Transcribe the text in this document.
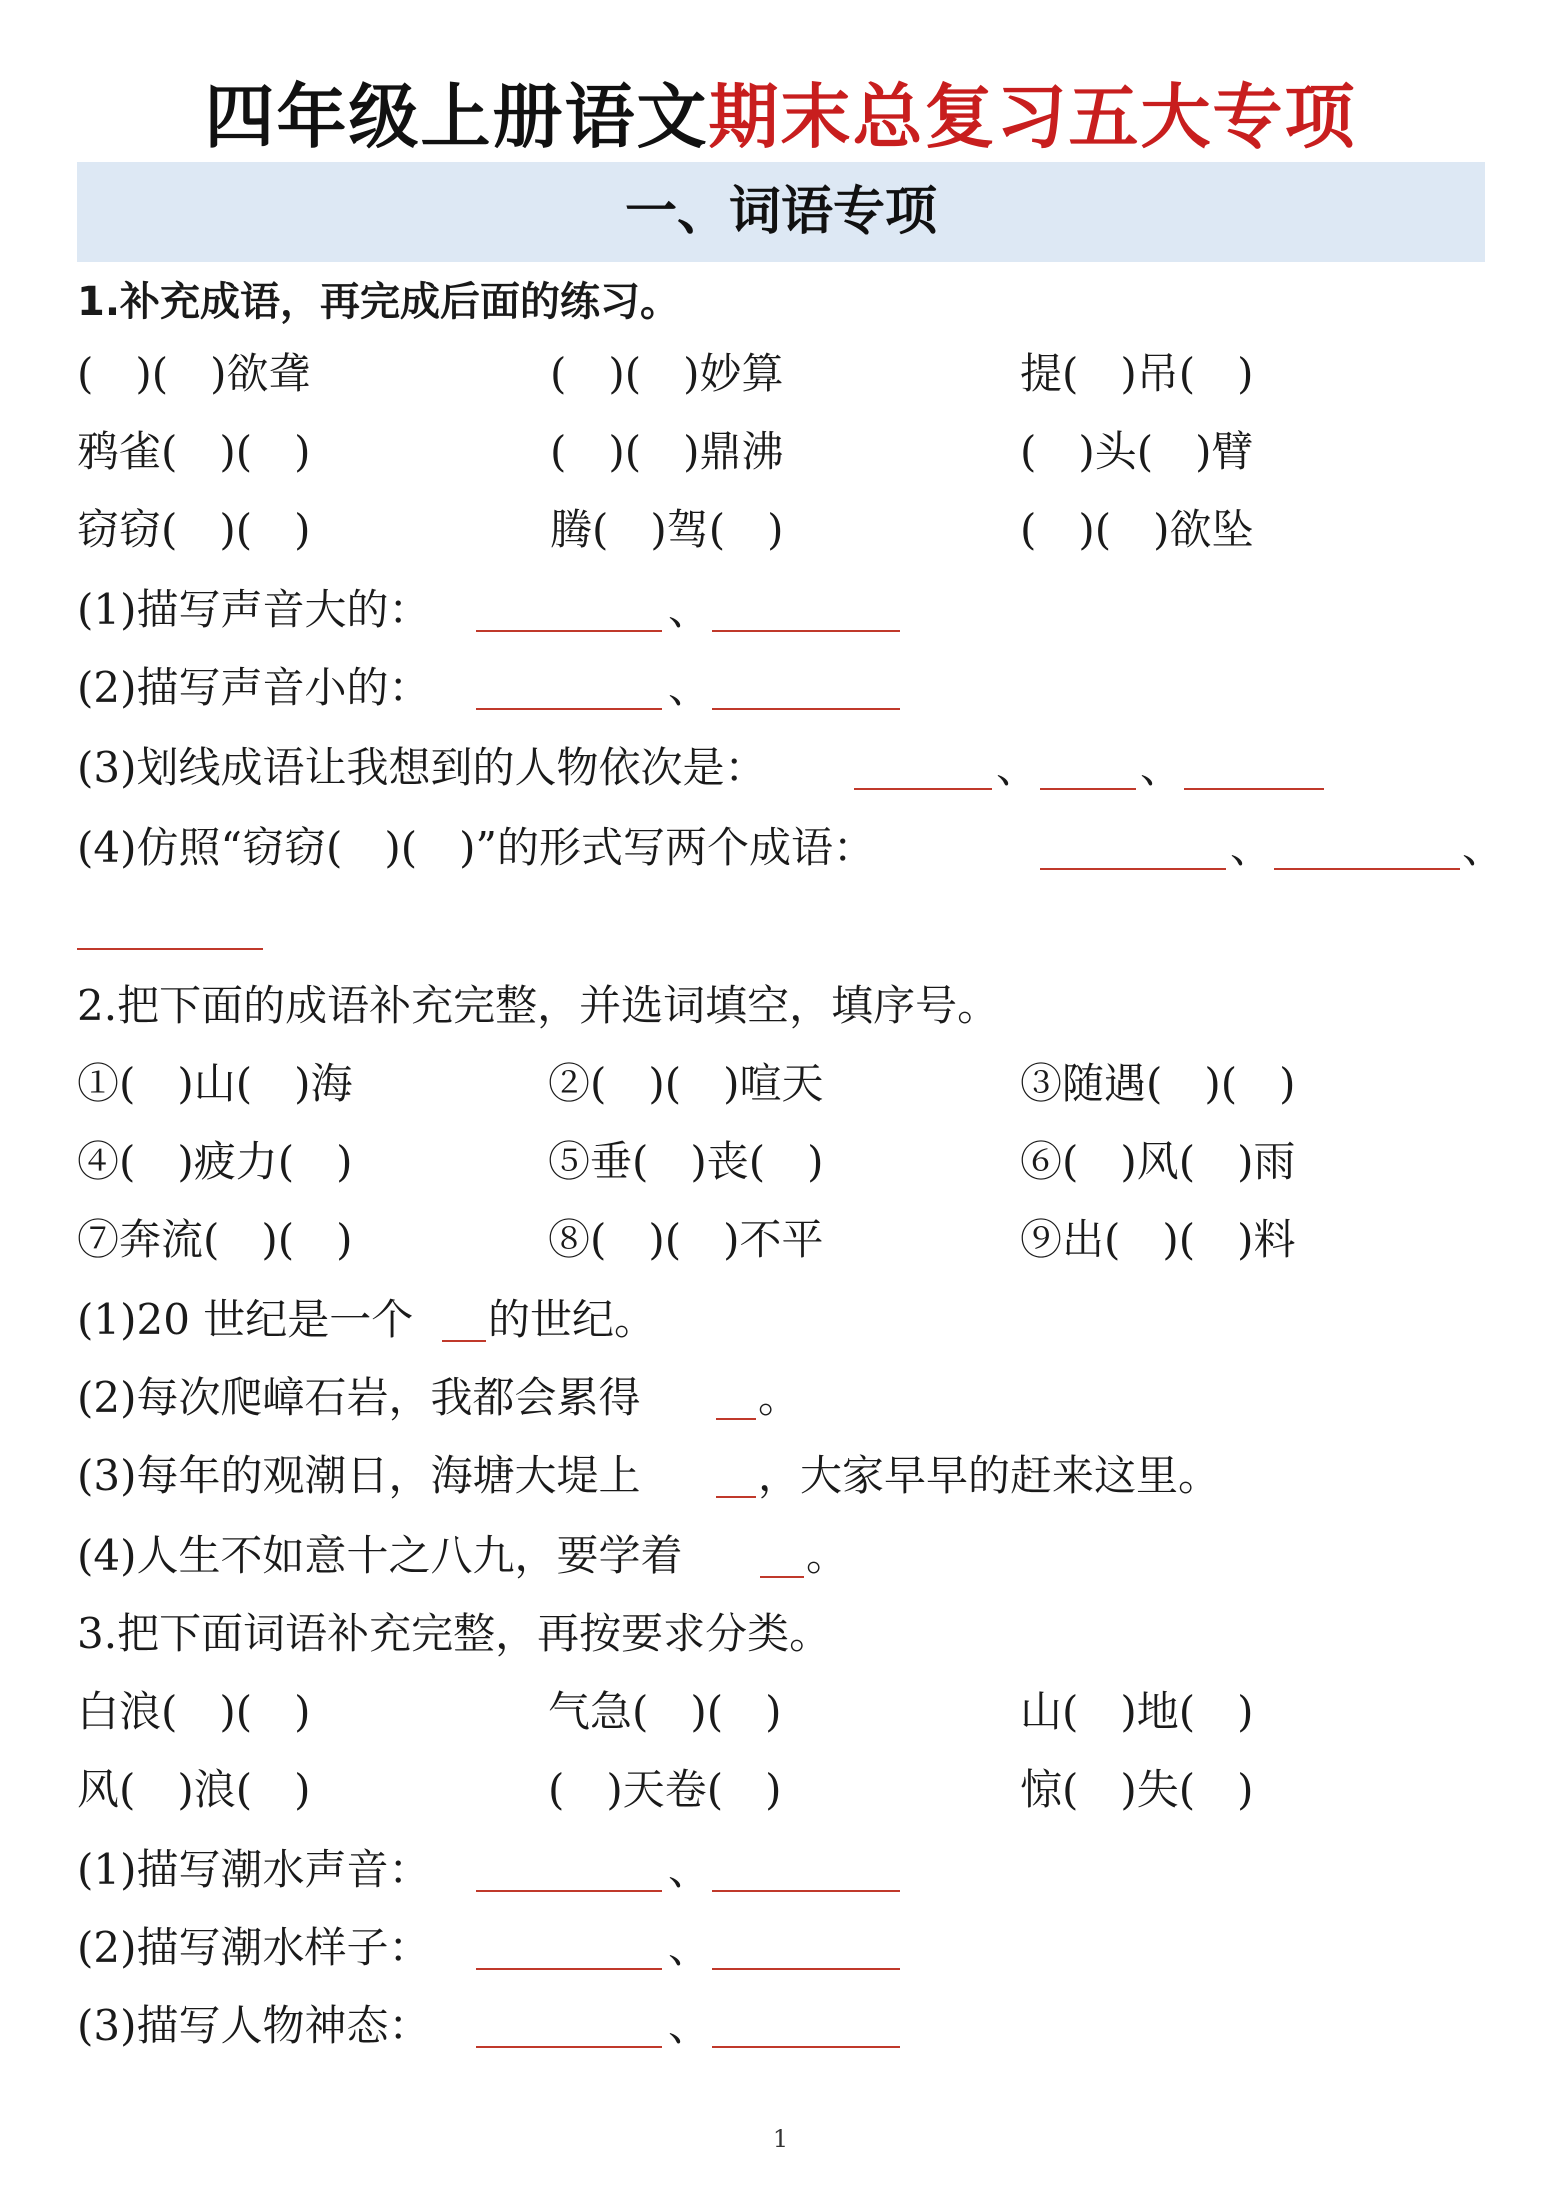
四年级上册语文期末总复习五大专项
一、词语专项
1.补充成语，再完成后面的练习。
(　)(　)欲聋	(　)(　)妙算	提(　)吊(　)
鸦雀(　)(　)	(　)(　)鼎沸	(　)头(　)臂
窃窃(　)(　)	腾(　)驾(　)	(　)(　)欲坠
(1)描写声音大的：	、
(2)描写声音小的：	、
(3)划线成语让我想到的人物依次是：	、 、
(4)仿照“窃窃(　)(　)”的形式写两个成语：	、	、
2.把下面的成语补充完整，并选词填空，填序号。
①(　)山(　)海	②(　)(　)喧天	③随遇(　)(　)
④(　)疲力(　)	⑤垂(　)丧(　)	⑥(　)风(　)雨
⑦奔流(　)(　)	⑧(　)(　)不平	⑨出(　)(　)料
(1)20 世纪是一个 的世纪。
(2)每次爬嶂石岩，我都会累得	。
(3)每年的观潮日，海塘大堤上	，大家早早的赶来这里。
(4)人生不如意十之八九，要学着	。
3.把下面词语补充完整，再按要求分类。
白浪(　)(　)	气急(　)(　)	山(　)地(　)
风(　)浪(　)	(　)天卷(　)	惊(　)失(　)
(1)描写潮水声音：	、
(2)描写潮水样子：	、
(3)描写人物神态：	、
1
